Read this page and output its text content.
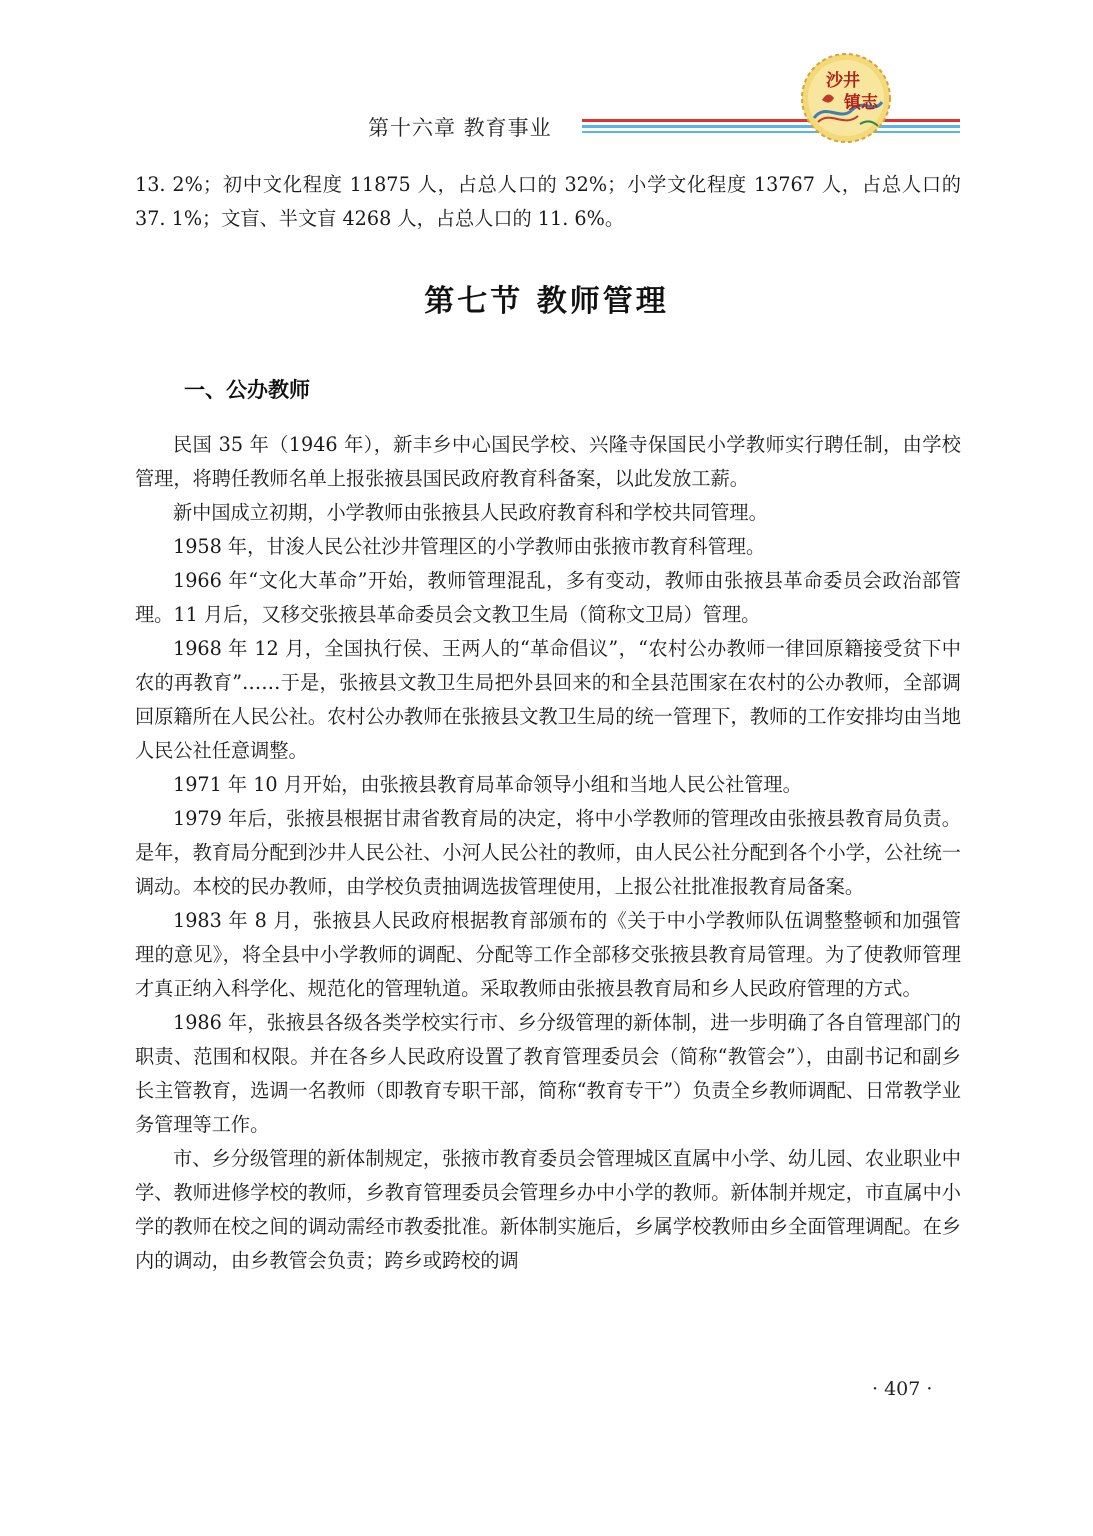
第十六章 教育事业
沙井
镇志

13. 2%；初中文化程度 11875 人，占总人口的 32%；小学文化程度 13767 人，占总人口的 37. 1%；文盲、半文盲 4268 人，占总人口的 11. 6%。

第七节 教师管理
一、公办教师

民国 35 年（1946 年），新丰乡中心国民学校、兴隆寺保国民小学教师实行聘任制，由学校管理，将聘任教师名单上报张掖县国民政府教育科备案，以此发放工薪。

新中国成立初期，小学教师由张掖县人民政府教育科和学校共同管理。

1958 年，甘浚人民公社沙井管理区的小学教师由张掖市教育科管理。

1966 年“文化大革命”开始，教师管理混乱，多有变动，教师由张掖县革命委员会政治部管理。11 月后，又移交张掖县革命委员会文教卫生局（简称文卫局）管理。

1968 年 12 月，全国执行侯、王两人的“革命倡议”，“农村公办教师一律回原籍接受贫下中农的再教育”……于是，张掖县文教卫生局把外县回来的和全县范围家在农村的公办教师，全部调回原籍所在人民公社。农村公办教师在张掖县文教卫生局的统一管理下，教师的工作安排均由当地人民公社任意调整。

1971 年 10 月开始，由张掖县教育局革命领导小组和当地人民公社管理。

1979 年后，张掖县根据甘肃省教育局的决定，将中小学教师的管理改由张掖县教育局负责。是年，教育局分配到沙井人民公社、小河人民公社的教师，由人民公社分配到各个小学，公社统一调动。本校的民办教师，由学校负责抽调选拔管理使用，上报公社批准报教育局备案。

1983 年 8 月，张掖县人民政府根据教育部颁布的《关于中小学教师队伍调整整顿和加强管理的意见》，将全县中小学教师的调配、分配等工作全部移交张掖县教育局管理。为了使教师管理才真正纳入科学化、规范化的管理轨道。采取教师由张掖县教育局和乡人民政府管理的方式。

1986 年，张掖县各级各类学校实行市、乡分级管理的新体制，进一步明确了各自管理部门的职责、范围和权限。并在各乡人民政府设置了教育管理委员会（简称“教管会”），由副书记和副乡长主管教育，选调一名教师（即教育专职干部，简称“教育专干”）负责全乡教师调配、日常教学业务管理等工作。

市、乡分级管理的新体制规定，张掖市教育委员会管理城区直属中小学、幼儿园、农业职业中学、教师进修学校的教师，乡教育管理委员会管理乡办中小学的教师。新体制并规定，市直属中小学的教师在校之间的调动需经市教委批准。新体制实施后，乡属学校教师由乡全面管理调配。在乡内的调动，由乡教管会负责；跨乡或跨校的调

· 407 ·
